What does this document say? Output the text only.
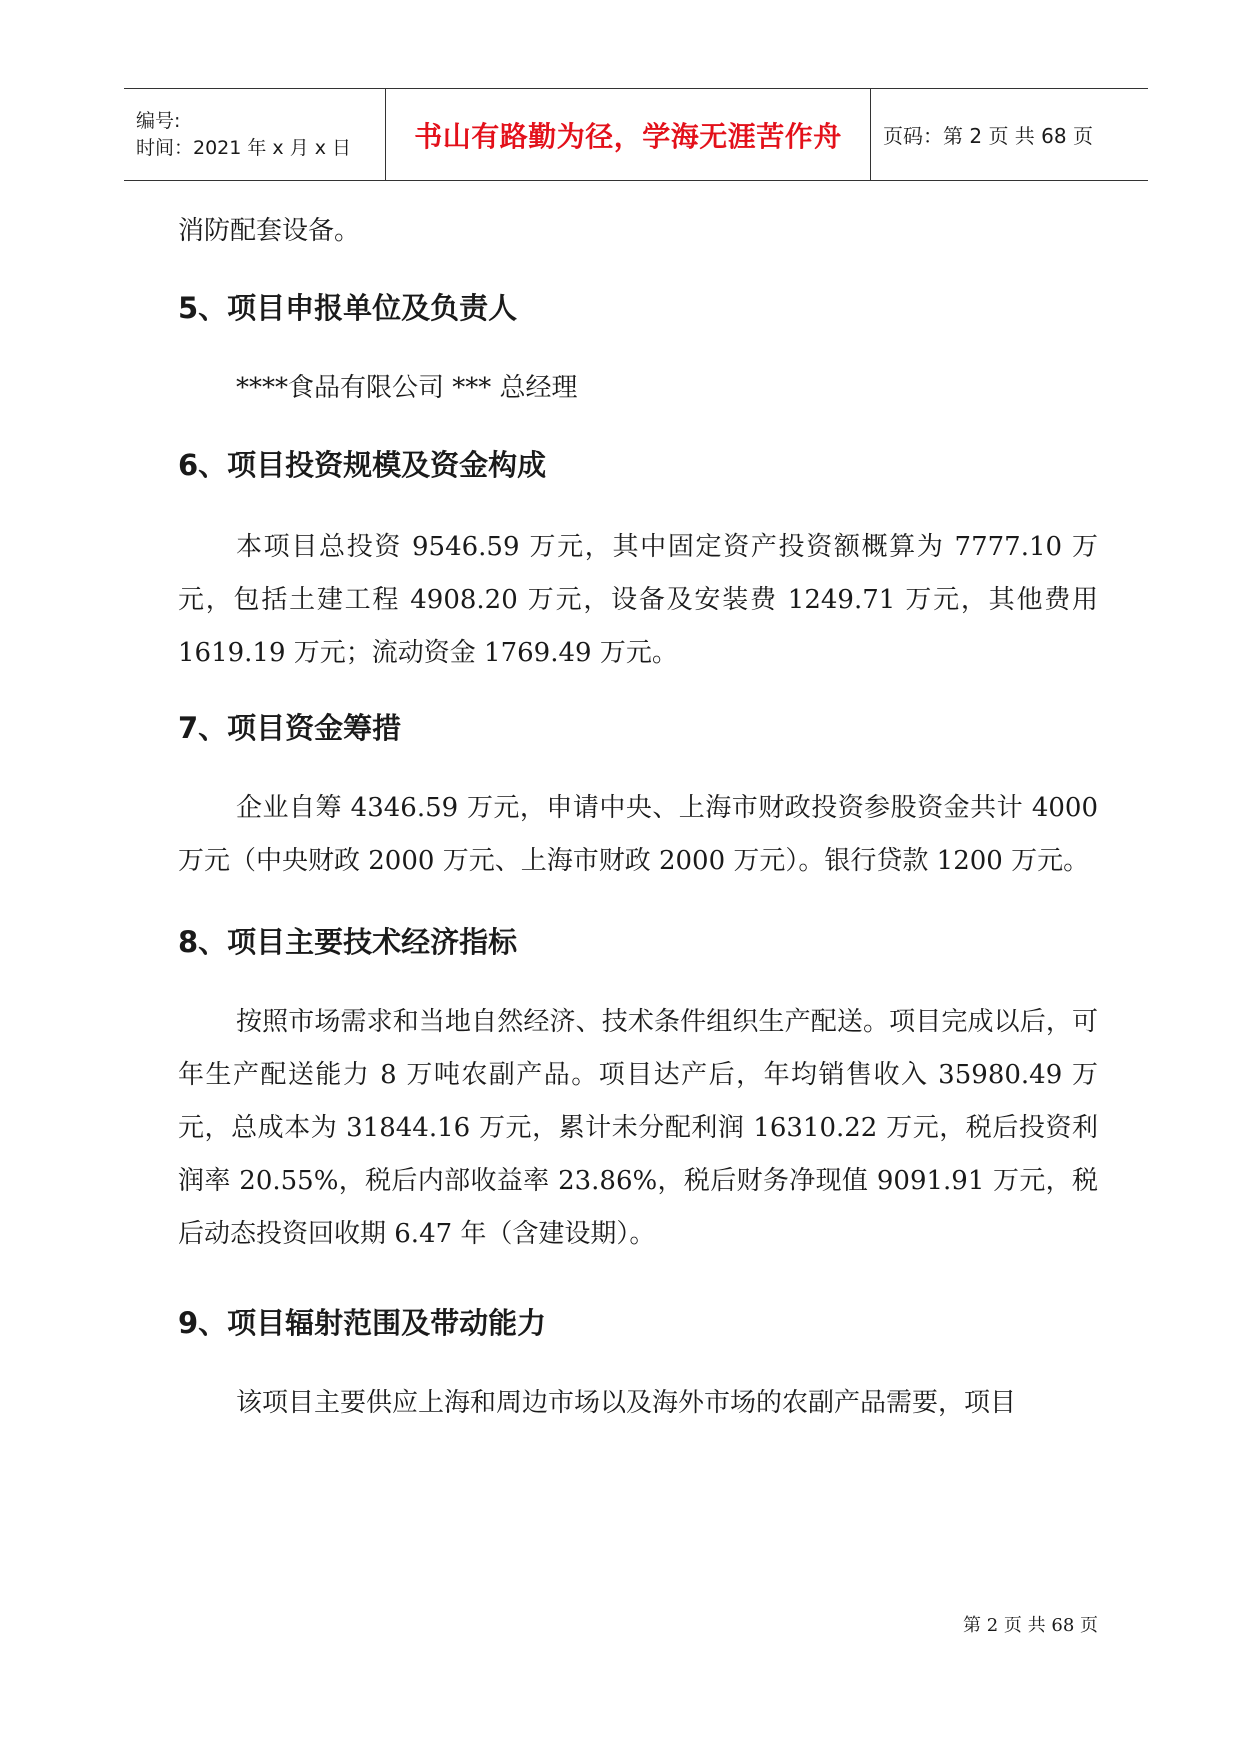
编号:
时间：2021 年 x 月 x 日	书山有路勤为径，学海无涯苦作舟	页码：第 2 页 共 68 页

消防配套设备。

5、项目申报单位及负责人

****食品有限公司 *** 总经理

6、项目投资规模及资金构成

本项目总投资 9546.59 万元，其中固定资产投资额概算为 7777.10 万元，包括土建工程 4908.20 万元，设备及安装费 1249.71 万元，其他费用 1619.19 万元；流动资金 1769.49 万元。

7、项目资金筹措

企业自筹 4346.59 万元，申请中央、上海市财政投资参股资金共计 4000 万元（中央财政 2000 万元、上海市财政 2000 万元）。银行贷款 1200 万元。

8、项目主要技术经济指标

按照市场需求和当地自然经济、技术条件组织生产配送。项目完成以后，可年生产配送能力 8 万吨农副产品。项目达产后，年均销售收入 35980.49 万元，总成本为 31844.16 万元，累计未分配利润 16310.22 万元，税后投资利润率 20.55%，税后内部收益率 23.86%，税后财务净现值 9091.91 万元，税后动态投资回收期 6.47 年（含建设期）。

9、项目辐射范围及带动能力

该项目主要供应上海和周边市场以及海外市场的农副产品需要，项目

第 2 页 共 68 页
